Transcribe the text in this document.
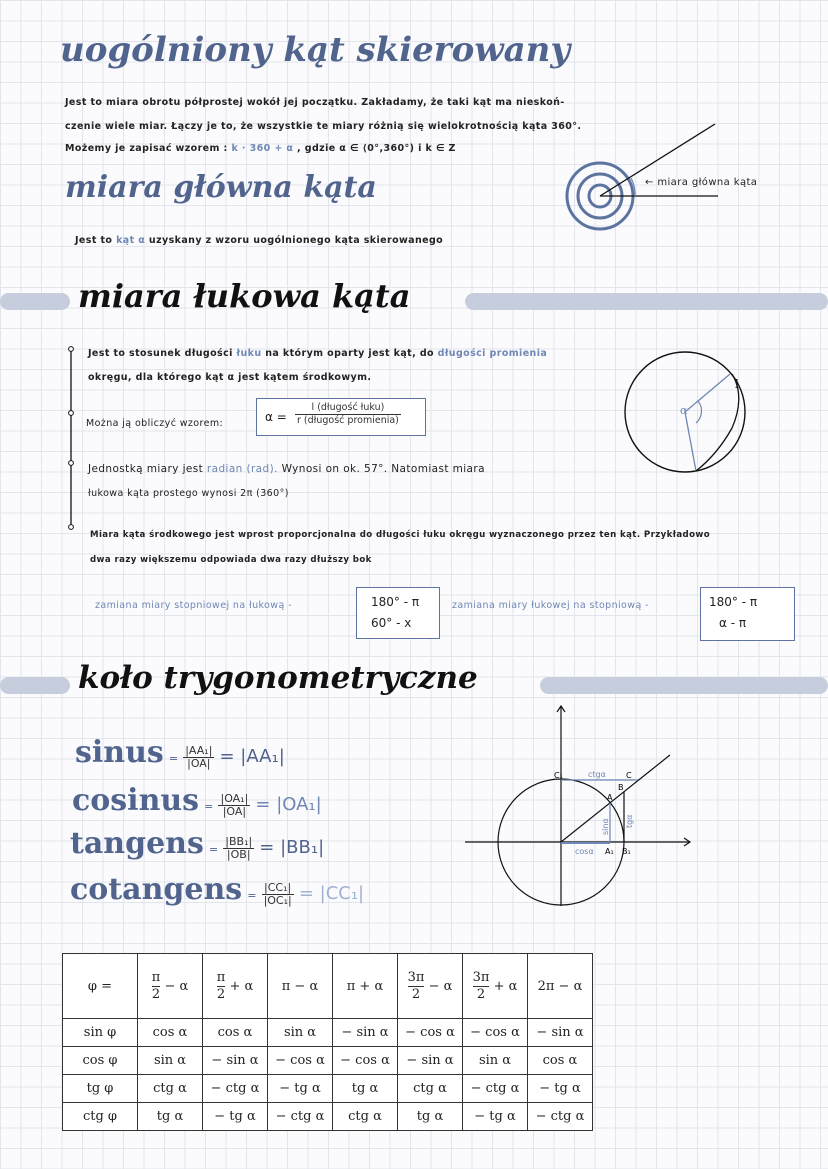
uogólniony kąt skierowany
Jest to miara obrotu półprostej wokół jej początku. Zakładamy, że taki kąt ma nieskoń-
czenie wiele miar. Łączy je to, że wszystkie te miary różnią się wielokrotnością kąta 360°.
Możemy je zapisać wzorem : k · 360 + α , gdzie α ∈ ⟨0°,360°) i k ∈ Z
← miara główna kąta
miara główna kąta
Jest to kąt α uzyskany z wzoru uogólnionego kąta skierowanego
miara łukowa kąta
Jest to stosunek długości łuku na którym oparty jest kąt, do długości promienia
okręgu, dla którego kąt α jest kątem środkowym.
Można ją obliczyć wzorem:	α =
l (długość łuku)
r (długość promienia)
Jednostką miary jest radian (rad). Wynosi on ok. 57°. Natomiast miara
łukowa kąta prostego wynosi 2π (360°)
Miara kąta środkowego jest wprost proporcjonalna do długości łuku okręgu wyznaczonego przez ten kąt. Przykładowo
dwa razy większemu odpowiada dwa razy dłuższy bok
zamiana miary stopniowej na łukową -	180° - π
60° - x
zamiana miary łukowej na stopniową -	180° - π
α - π
α
l
koło trygonometryczne
sinus = $\frac{\text{|AA₁|}}{|OA|} = |AA_1|$
cosinus = $\frac{\text{|OA₁|}}{|OA|} = |OA_1|$
tangens = $\frac{\text{|BB₁|}}{|OB|} = |BB_1|$
cotangens = $\frac{\text{|CC₁|}}{\text{|OC₁|}} = |CC_1|$
C₁	C
ctgα
A
B
sinα tgα
cosα A₁ B₁
φ =	$\frac{\pi}{2} - \alpha$	$\frac{\pi}{2} + \alpha$	π − α	π + α	$\frac{3\pi}{2} - \alpha$	$\frac{3\pi}{2} + \alpha$	2π − α
sin φ	cos α	cos α	sin α	− sin α	− cos α	− cos α	− sin α
cos φ	sin α	− sin α	− cos α	− cos α	− sin α	sin α	cos α
tg φ	ctg α	− ctg α	− tg α	tg α	ctg α	− ctg α	− tg α
ctg φ	tg α	− tg α	− ctg α	ctg α	tg α	− tg α	− ctg α
